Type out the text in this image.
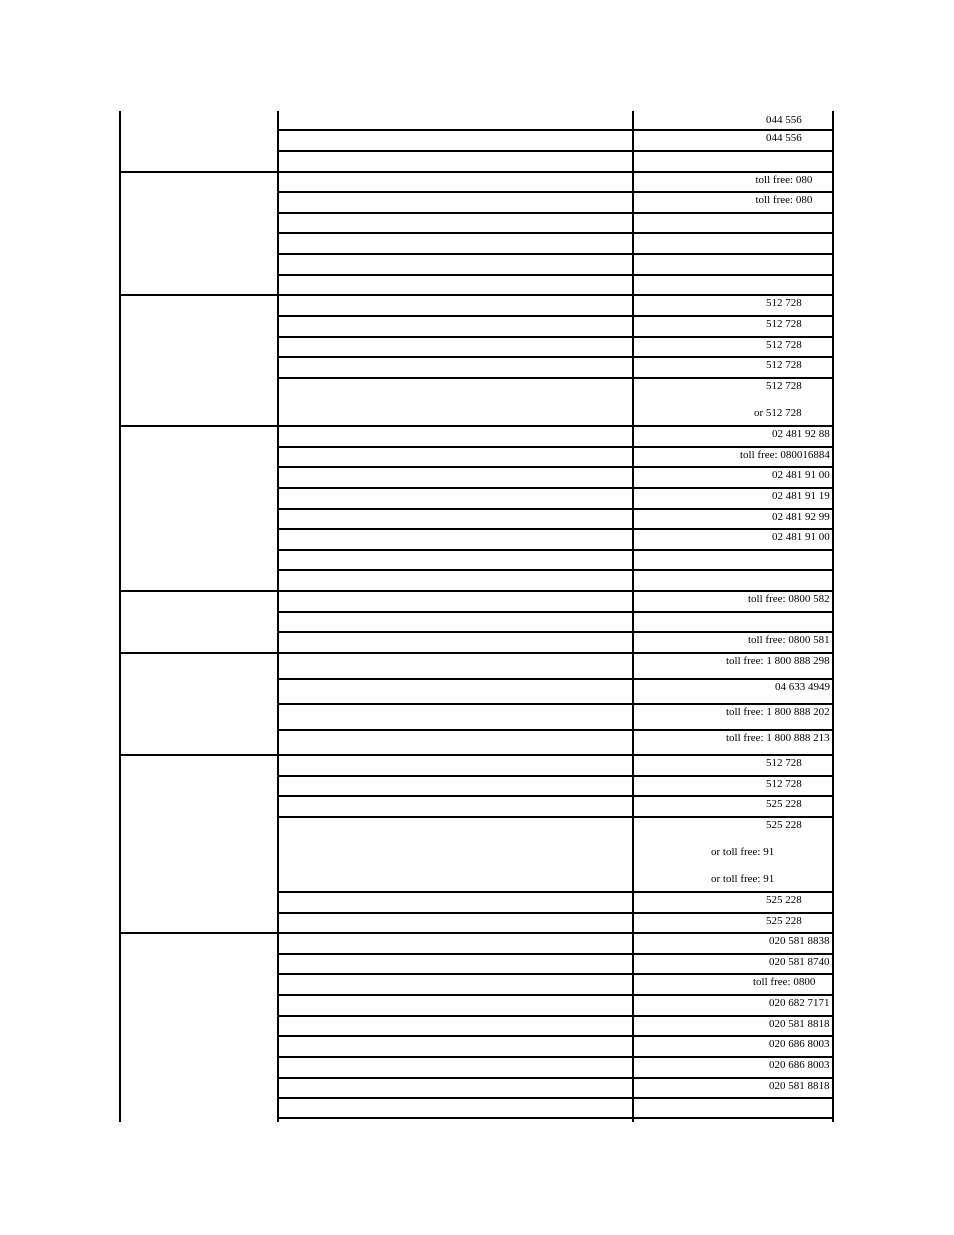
044 556
044 556
toll free: 080
toll free: 080
512 728
512 728
512 728
512 728
512 728
or 512 728
02 481 92 88
toll free: 080016884
02 481 91 00
02 481 91 19
02 481 92 99
02 481 91 00
toll free: 0800 582
toll free: 0800 581
toll free: 1 800 888 298
04 633 4949
toll free: 1 800 888 202
toll free: 1 800 888 213
512 728
512 728
525 228
525 228
or toll free: 91
or toll free: 91
525 228
525 228
020 581 8838
020 581 8740
toll free: 0800
020 682 7171
020 581 8818
020 686 8003
020 686 8003
020 581 8818
